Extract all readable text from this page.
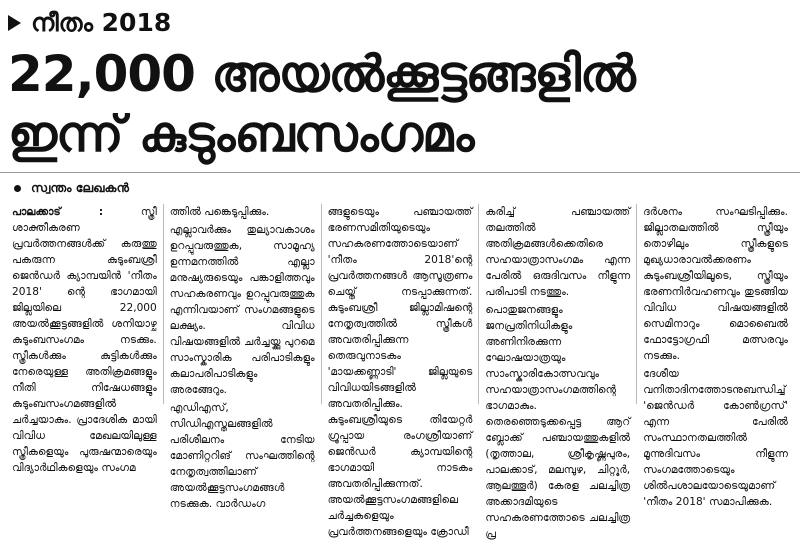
നീതം 2018
22,000 അയൽക്കൂട്ടങ്ങളിൽ
ഇന്ന് കുടുംബസംഗമം
സ്വന്തം ലേഖകൻ

പാലക്കാട് :	സ്ത്രീ ശാക്തീകരണ പ്രവർത്തനങ്ങൾക്ക് കരുത്തു പകരുന്ന കുടുംബശ്രീ ജെൻഡർ ക്യാമ്പയിൻ 'നീതം 2018' ന്റെ ഭാഗമായി ജില്ലയിലെ 22,000 അയൽക്കൂട്ടങ്ങളിൽ ശനിയാഴ്ച കുടുംബസംഗമം നടക്കും. സ്ത്രീകൾക്കും കുട്ടികൾക്കും നേരെയുള്ള അതിക്രമങ്ങളും നീതി നിഷേധങ്ങളും കുടുംബസംഗമങ്ങളിൽ ചർച്ചയാകും. പ്രാദേശിക മായി വിവിധ മേഖലയിലുള്ള സ്ത്രീകളെയും പുരുഷന്മാരെയും വിദ്യാർഥികളെയും സംഗമ

ത്തിൽ പങ്കെടുപ്പിക്കും.

എല്ലാവർക്കും തുല്യാവകാശം ഉറപ്പുവരുത്തുക, സാമൂഹ്യ ഉന്നമനത്തിൽ എല്ലാ മനുഷ്യരുടെയും പങ്കാളിത്തവും സഹകരണവും ഉറപ്പുവരുത്തുക എന്നിവയാണ് സംഗമങ്ങളുടെ ലക്ഷ്യം. വിവിധ വിഷയങ്ങളിൽ ചർച്ചയ്ക്കു പുറമെ സാംസ്കാരിക പരിപാടികളും കലാപരിപാടികളും അരങ്ങേറും.

എഡിഎസ്, സിഡിഎസ്തലങ്ങളിൽ പരിശീലനം നേടിയ മോണിറ്ററിങ് സംഘത്തിന്റെ നേതൃത്വത്തിലാണ് അയൽക്കൂട്ടസംഗമങ്ങൾ നടക്കുക. വാർഡംഗ

ങ്ങളുടെയും പഞ്ചായത്ത് ഭരണസമിതിയുടെയും സഹകരണത്തോടെയാണ് 'നീതം 2018'ന്റെ പ്രവർത്തനങ്ങൾ ആസൂത്രണം ചെയ്ത് നടപ്പാക്കുന്നത്. കുടുംബശ്രീ ജില്ലാമിഷന്റെ നേതൃത്വത്തിൽ സ്ത്രീകൾ അവതരിപ്പിക്കുന്ന തെരുവുനാടകം 'മായക്കണ്ണാടി' ജില്ലയുടെ വിവിധയിടങ്ങളിൽ അവതരിപ്പിക്കും. കുടുംബശ്രീയുടെ തിയേറ്റർ ഗ്രൂപ്പായ രംഗശ്രീയാണ് ജെൻഡർ ക്യാമ്പയിന്റെ ഭാഗമായി നാടകം അവതരിപ്പിക്കുന്നത്. അയൽക്കൂട്ടസംഗമങ്ങളിലെ ചർച്ചകളെയും പ്രവർത്തനങ്ങളെയും ക്രോഡീ

കരിച്ച് പഞ്ചായത്ത് തലത്തിൽ അതിക്രമങ്ങൾക്കെതിരെ സഹയാത്രാസംഗമം എന്ന പേരിൽ ഒരുദിവസം നീളുന്ന പരിപാടി നടത്തും.

പൊതുജനങ്ങളും ജനപ്രതിനിധികളും അണിനിരക്കുന്ന ഘോഷയാത്രയും സാംസ്കാരികോത്സവവും സഹയാത്രാസംഗമത്തിന്റെ ഭാഗമാകും. തെരഞ്ഞെടുക്കപ്പെട്ട ആറ് ബ്ലോക്ക് പഞ്ചായത്തുകളിൽ (തൃത്താല, ശ്രീകൃഷ്ണപുരം, പാലക്കാട്, മലമ്പുഴ, ചിറ്റൂർ, ആലത്തൂർ) കേരള ചലച്ചിത്ര അക്കാദമിയുടെ സഹകരണത്തോടെ ചലച്ചിത്ര പ്ര

ദർശനം സംഘടിപ്പിക്കും. ജില്ലാതലത്തിൽ സ്ത്രീയും തൊഴിലും സ്ത്രീകളുടെ മുഖ്യധാരാവൽക്കരണം കുടുംബശ്രീയിലൂടെ, സ്ത്രീയും ഭരണനിർവഹണവും തുടങ്ങിയ വിവിധ വിഷയങ്ങളിൽ സെമിനാറും മൊബൈൽ ഫോട്ടോഗ്രഫി മത്സരവും നടക്കും.

ദേശീയ വനിതാദിനത്തോടനുബന്ധിച്ച് 'ജെൻഡർ കോൺഗ്രസ്' എന്ന പേരിൽ സംസ്ഥാനതലത്തിൽ മൂന്നുദിവസം നീളുന്ന സംഗമത്തോടെയും ശിൽപശാലയോടെയുമാണ് 'നീതം 2018' സമാപിക്കുക.
